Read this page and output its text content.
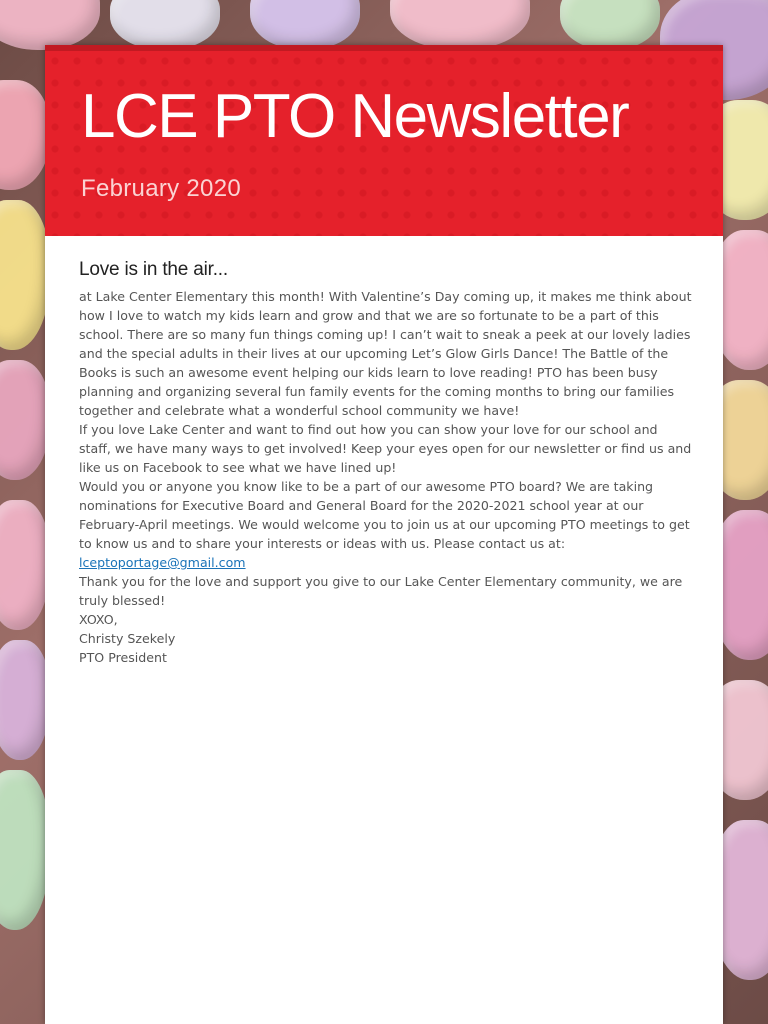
LCE PTO Newsletter
February 2020
Love is in the air...

at Lake Center Elementary this month! With Valentine’s Day coming up, it makes me think about how I love to watch my kids learn and grow and that we are so fortunate to be a part of this school. There are so many fun things coming up! I can’t wait to sneak a peek at our lovely ladies and the special adults in their lives at our upcoming Let’s Glow Girls Dance! The Battle of the Books is such an awesome event helping our kids learn to love reading! PTO has been busy planning and organizing several fun family events for the coming months to bring our families together and celebrate what a wonderful school community we have!

If you love Lake Center and want to find out how you can show your love for our school and staff, we have many ways to get involved! Keep your eyes open for our newsletter or find us and like us on Facebook to see what we have lined up!

Would you or anyone you know like to be a part of our awesome PTO board? We are taking nominations for Executive Board and General Board for the 2020-2021 school year at our February-April meetings. We would welcome you to join us at our upcoming PTO meetings to get to know us and to share your interests or ideas with us. Please contact us at: lceptoportage@gmail.com

Thank you for the love and support you give to our Lake Center Elementary community, we are truly blessed!

XOXO,

Christy Szekely

PTO President
